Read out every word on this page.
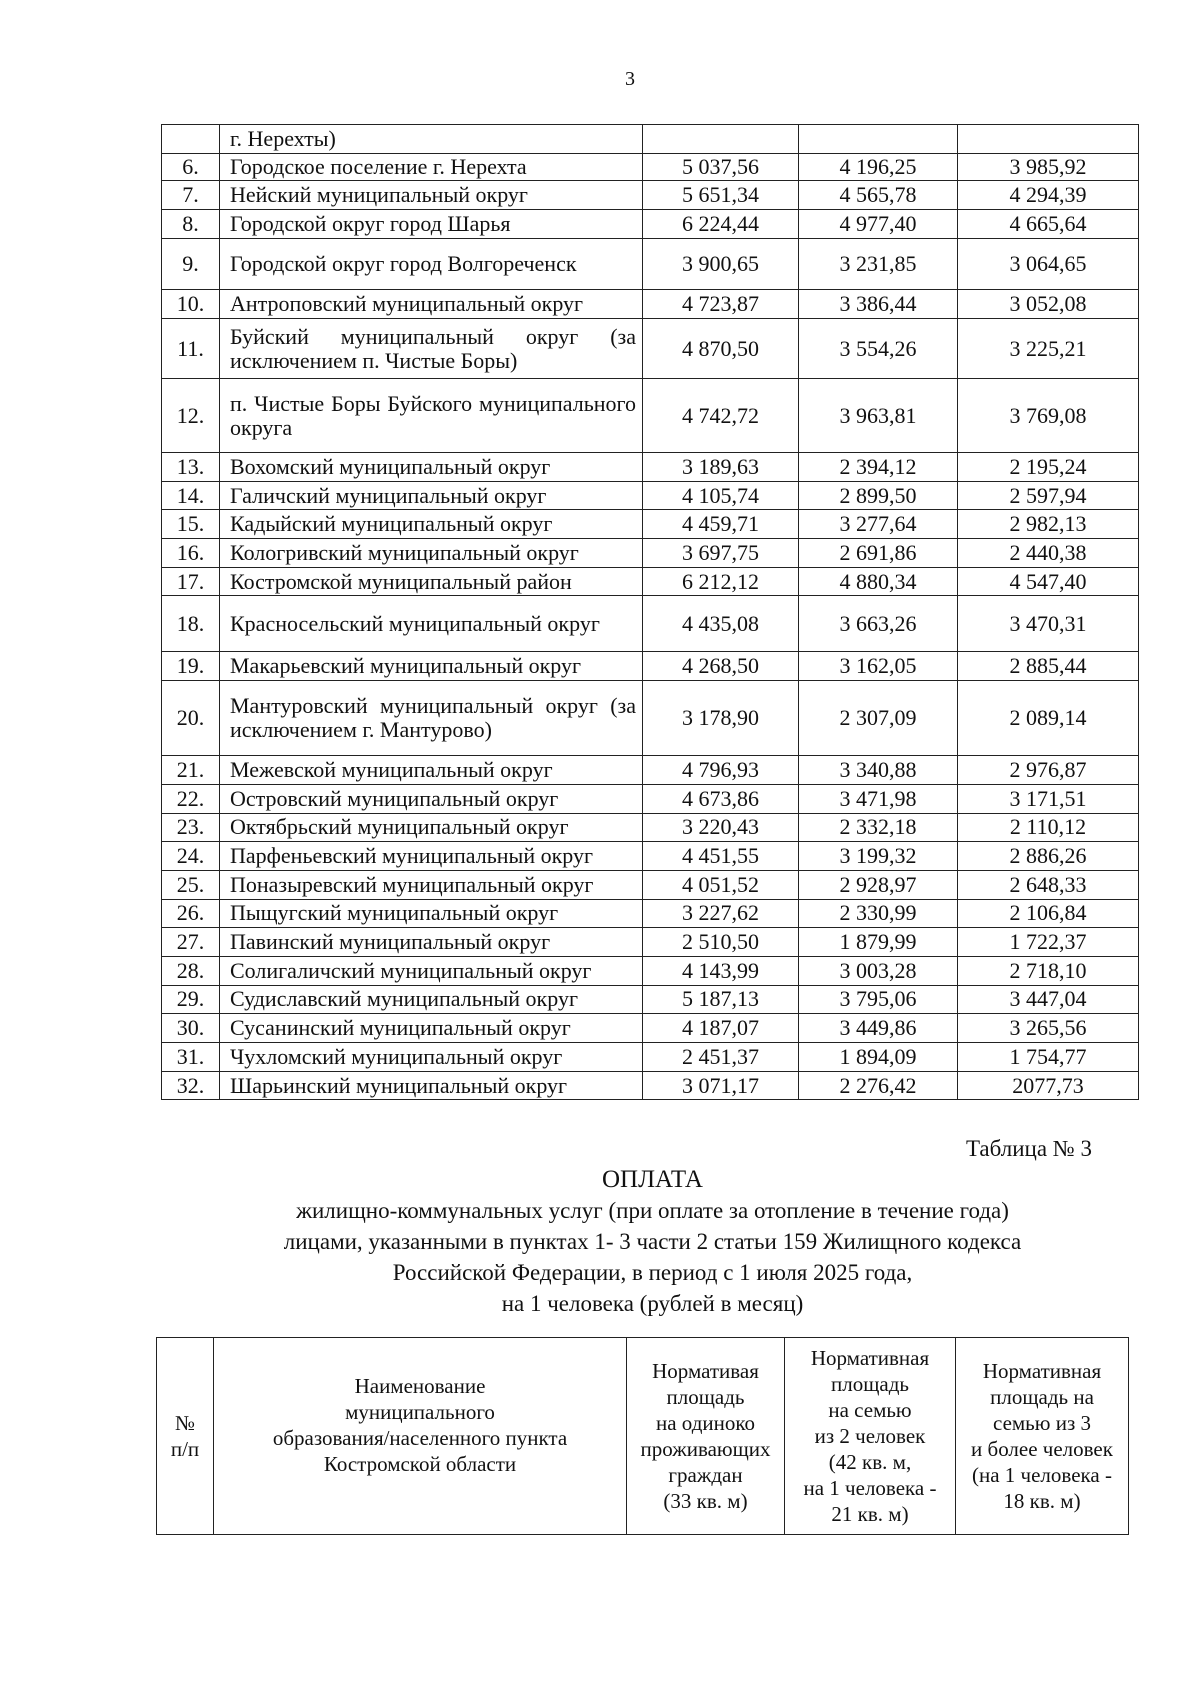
3
	г. Нерехты)			
6.	Городское поселение г. Нерехта	5 037,56	4 196,25	3 985,92
7.	Нейский муниципальный округ	5 651,34	4 565,78	4 294,39
8.	Городской округ город Шарья	6 224,44	4 977,40	4 665,64
9.	Городской округ город Волгореченск	3 900,65	3 231,85	3 064,65
10.	Антроповский муниципальный округ	4 723,87	3 386,44	3 052,08
11.	Буйский муниципальный округ (за исключением п. Чистые Боры)	4 870,50	3 554,26	3 225,21
12.	п. Чистые Боры Буйского муниципального округа	4 742,72	3 963,81	3 769,08
13.	Вохомский муниципальный округ	3 189,63	2 394,12	2 195,24
14.	Галичский муниципальный округ	4 105,74	2 899,50	2 597,94
15.	Кадыйский муниципальный округ	4 459,71	3 277,64	2 982,13
16.	Кологривский муниципальный округ	3 697,75	2 691,86	2 440,38
17.	Костромской муниципальный район	6 212,12	4 880,34	4 547,40
18.	Красносельский муниципальный округ	4 435,08	3 663,26	3 470,31
19.	Макарьевский муниципальный округ	4 268,50	3 162,05	2 885,44
20.	Мантуровский муниципальный округ (за исключением г. Мантурово)	3 178,90	2 307,09	2 089,14
21.	Межевской муниципальный округ	4 796,93	3 340,88	2 976,87
22.	Островский муниципальный округ	4 673,86	3 471,98	3 171,51
23.	Октябрьский муниципальный округ	3 220,43	2 332,18	2 110,12
24.	Парфеньевский муниципальный округ	4 451,55	3 199,32	2 886,26
25.	Поназыревский муниципальный округ	4 051,52	2 928,97	2 648,33
26.	Пыщугский муниципальный округ	3 227,62	2 330,99	2 106,84
27.	Павинский муниципальный округ	2 510,50	1 879,99	1 722,37
28.	Солигаличский муниципальный округ	4 143,99	3 003,28	2 718,10
29.	Судиславский муниципальный округ	5 187,13	3 795,06	3 447,04
30.	Сусанинский муниципальный округ	4 187,07	3 449,86	3 265,56
31.	Чухломский муниципальный округ	2 451,37	1 894,09	1 754,77
32.	Шарьинский муниципальный округ	3 071,17	2 276,42	2077,73
Таблица № 3
ОПЛАТА
жилищно-коммунальных услуг (при оплате за отопление в течение года)
лицами, указанными в пунктах 1- 3 части 2 статьи 159 Жилищного кодекса
Российской Федерации, в период с 1 июля 2025 года,
на 1 человека (рублей в месяц)
№
п/п

Наименование
муниципального
образования/населенного пункта
Костромской области

Нормативая
площадь
на одиноко
проживающих
граждан
(33 кв. м)

Нормативная
площадь
на семью
из 2 человек
(42 кв. м,
на 1 человека -
21 кв. м)

Нормативная
площадь на
семью из 3
и более человек
(на 1 человека -
18 кв. м)
